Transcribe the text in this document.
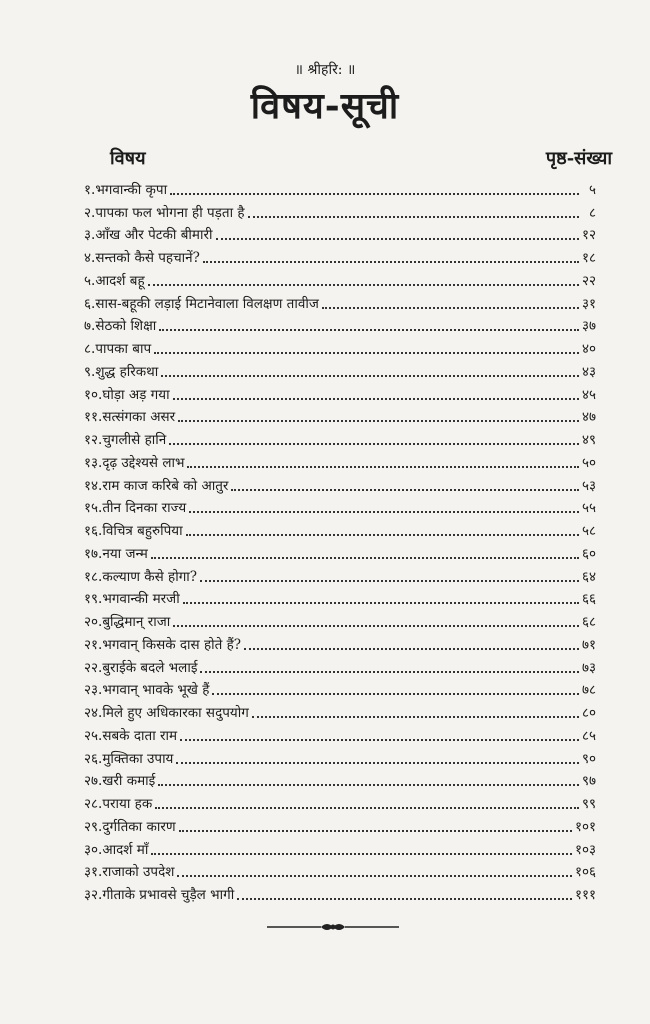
॥ श्रीहरि: ॥
विषय-सूची
विषय	पृष्ठ-संख्या
१. भगवान्की कृपा	५
२. पापका फल भोगना ही पड़ता है	८
३. आँख और पेटकी बीमारी	१२
४. सन्तको कैसे पहचानें?	१८
५. आदर्श बहू	२२
६. सास-बहूकी लड़ाई मिटानेवाला विलक्षण तावीज	३१
७. सेठको शिक्षा	३७
८. पापका बाप	४०
९. शुद्ध हरिकथा	४३
१०. घोड़ा अड़ गया	४५
११. सत्संगका असर	४७
१२. चुगलीसे हानि	४९
१३. दृढ़ उद्देश्यसे लाभ	५०
१४. राम काज करिबे को आतुर	५३
१५. तीन दिनका राज्य	५५
१६. विचित्र बहुरुपिया	५८
१७. नया जन्म	६०
१८. कल्याण कैसे होगा?	६४
१९. भगवान्की मरजी	६६
२०. बुद्धिमान् राजा	६८
२१. भगवान् किसके दास होते हैं?	७१
२२. बुराईके बदले भलाई	७३
२३. भगवान् भावके भूखे हैं	७८
२४. मिले हुए अधिकारका सदुपयोग	८०
२५. सबके दाता राम	८५
२६. मुक्तिका उपाय	९०
२७. खरी कमाई	९७
२८. पराया हक	९९
२९. दुर्गतिका कारण	१०१
३०. आदर्श माँ	१०३
३१. राजाको उपदेश	१०६
३२. गीताके प्रभावसे चुड़ैल भागी	१११
